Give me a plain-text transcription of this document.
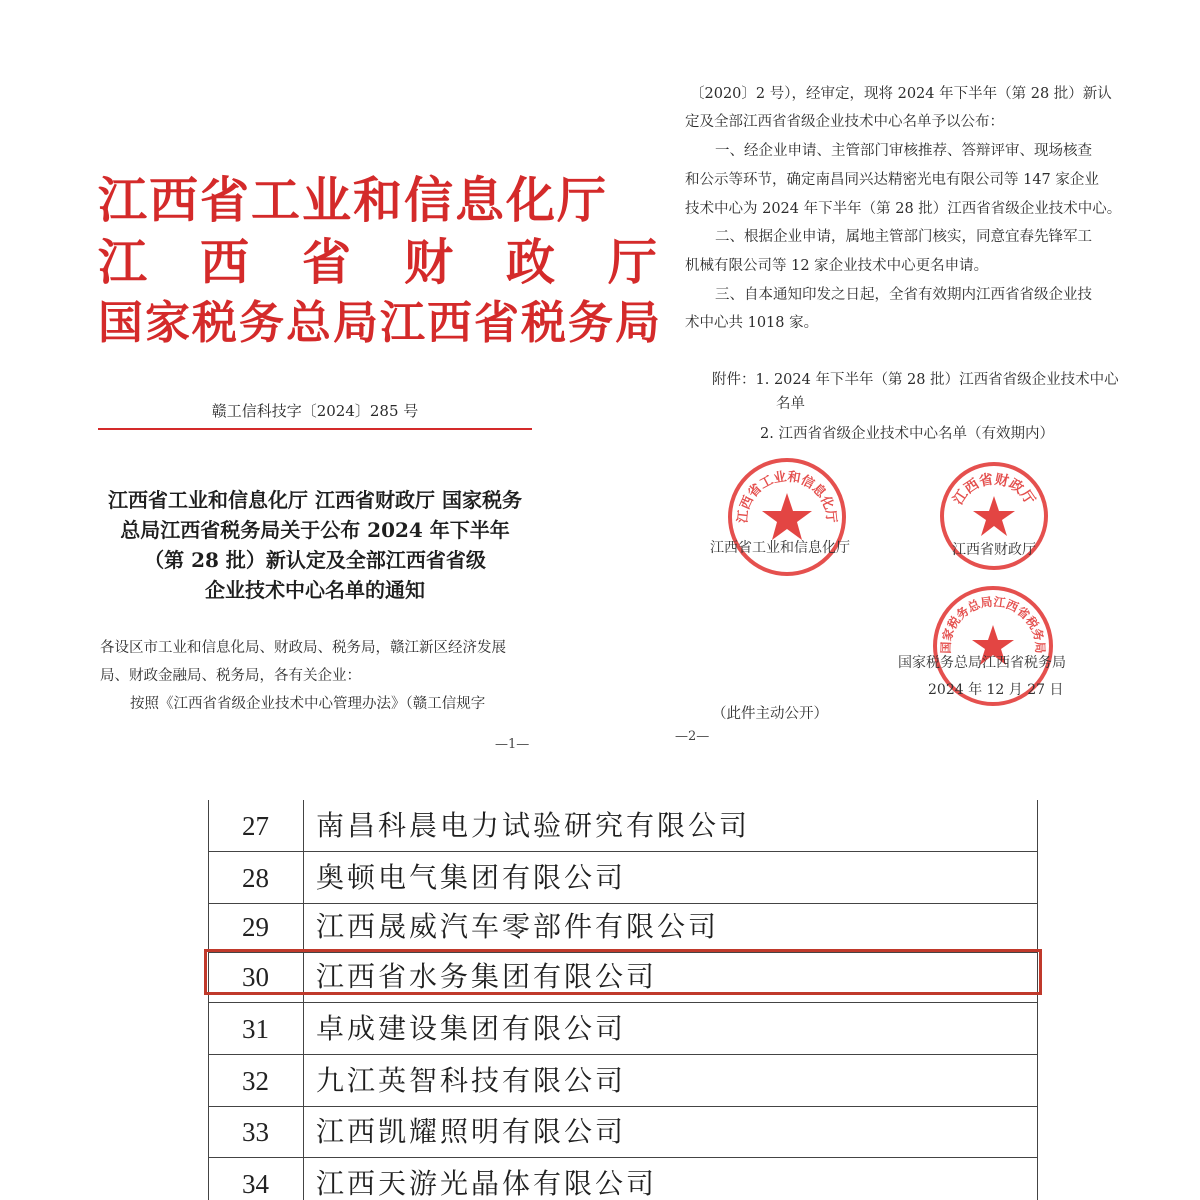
江西省工业和信息化厅
江　西　省　财　政　厅
国家税务总局江西省税务局
赣工信科技字〔2024〕285 号
江西省工业和信息化厅 江西省财政厅 国家税务
总局江西省税务局关于公布 2024 年下半年
（第 28 批）新认定及全部江西省省级
企业技术中心名单的通知
各设区市工业和信息化局、财政局、税务局，赣江新区经济发展
局、财政金融局、税务局，各有关企业：
按照《江西省省级企业技术中心管理办法》（赣工信规字
—1—
〔2020〕2 号），经审定，现将 2024 年下半年（第 28 批）新认
定及全部江西省省级企业技术中心名单予以公布：
一、经企业申请、主管部门审核推荐、答辩评审、现场核查
和公示等环节，确定南昌同兴达精密光电有限公司等 147 家企业
技术中心为 2024 年下半年（第 28 批）江西省省级企业技术中心。
二、根据企业申请，属地主管部门核实，同意宜春先锋军工
机械有限公司等 12 家企业技术中心更名申请。
三、自本通知印发之日起，全省有效期内江西省省级企业技
术中心共 1018 家。
附件：1. 2024 年下半年（第 28 批）江西省省级企业技术中心
名单
2. 江西省省级企业技术中心名单（有效期内）
江西省工业和信息化厅
江西省工业和信息化厅
江西省财政厅
江西省财政厅
国家税务总局江西省税务局
国家税务总局江西省税务局
2024 年 12 月 27 日
（此件主动公开）
—2—
27	南昌科晨电力试验研究有限公司
28	奥顿电气集团有限公司
29	江西晟威汽车零部件有限公司
30	江西省水务集团有限公司
31	卓成建设集团有限公司
32	九江英智科技有限公司
33	江西凯耀照明有限公司
34	江西天游光晶体有限公司
